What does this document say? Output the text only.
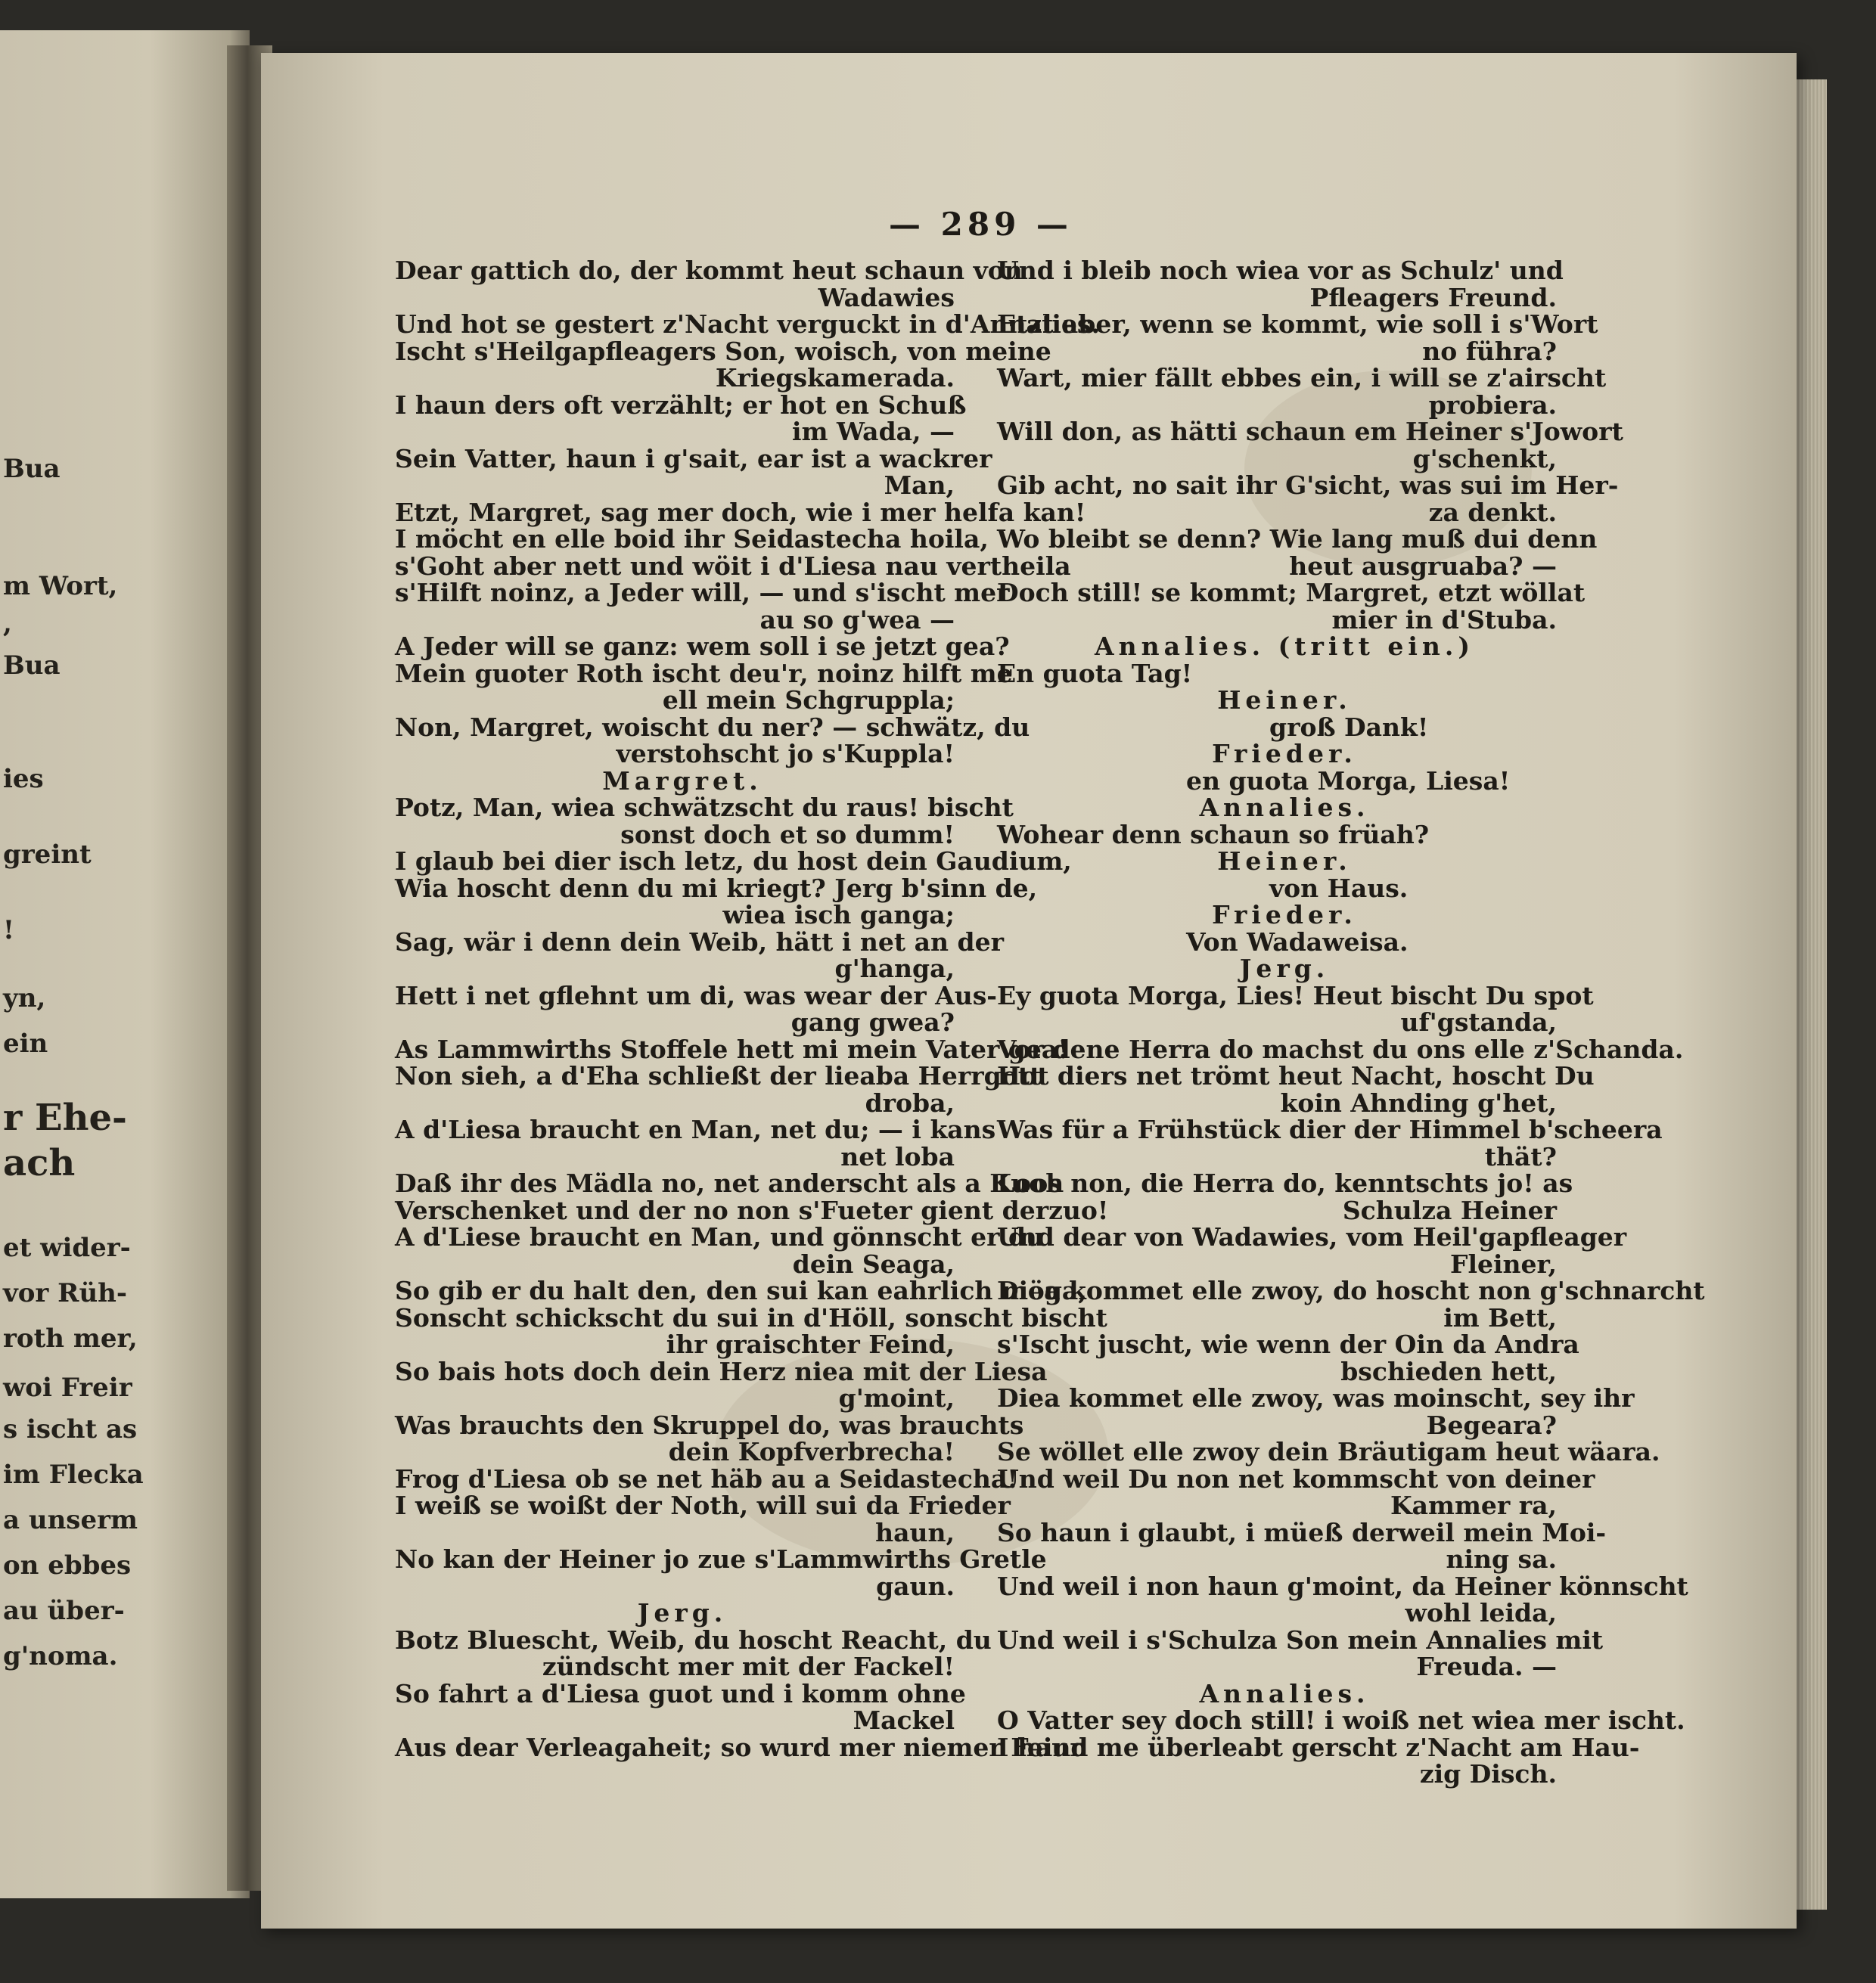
Bua
m Wort,
,
Bua
ies
greint
!
yn,
ein
r Ehe-
ach
et wider-
vor Rüh-
roth mer,
woi Freir
s ischt as
im Flecka
a unserm
on ebbes
au über-
g'noma.
— 289 —
Dear gattich do, der kommt heut schaun von
Wadawies
Und hot se gestert z'Nacht verguckt in d'Annalies.
Ischt s'Heilgapfleagers Son, woisch, von meine
Kriegskamerada.
I haun ders oft verzählt; er hot en Schuß
im Wada, —
Sein Vatter, haun i g'sait, ear ist a wackrer
Man,
Etzt, Margret, sag mer doch, wie i mer helfa kan!
I möcht en elle boid ihr Seidastecha hoila,
s'Goht aber nett und wöit i d'Liesa nau vertheila
s'Hilft noinz, a Jeder will, — und s'ischt mer
au so g'wea —
A Jeder will se ganz: wem soll i se jetzt gea?
Mein guoter Roth ischt deu'r, noinz hilft me
ell mein Schgruppla;
Non, Margret, woischt du ner? — schwätz, du
verstohscht jo s'Kuppla!
Margret.
Potz, Man, wiea schwätzscht du raus! bischt
sonst doch et so dumm!
I glaub bei dier isch letz, du host dein Gaudium,
Wia hoscht denn du mi kriegt? Jerg b'sinn de,
wiea isch ganga;
Sag, wär i denn dein Weib, hätt i net an der
g'hanga,
Hett i net gflehnt um di, was wear der Aus-
gang gwea?
As Lammwirths Stoffele hett mi mein Vater gea!
Non sieh, a d'Eha schließt der lieaba Herrgott
droba,
A d'Liesa braucht en Man, net du; — i kans
net loba
Daß ihr des Mädla no, net anderscht als a Kuoh
Verschenket und der no non s'Fueter gient derzuo!
A d'Liese braucht en Man, und gönnscht er du
dein Seaga,
So gib er du halt den, den sui kan eahrlich möga,
Sonscht schickscht du sui in d'Höll, sonscht bischt
ihr graischter Feind,
So bais hots doch dein Herz niea mit der Liesa
g'moint,
Was brauchts den Skruppel do, was brauchts
dein Kopfverbrecha!
Frog d'Liesa ob se net häb au a Seidastecha!
I weiß se woißt der Noth, will sui da Frieder
haun,
No kan der Heiner jo zue s'Lammwirths Gretle
gaun.
Jerg.
Botz Bluescht, Weib, du hoscht Reacht, du
zündscht mer mit der Fackel!
So fahrt a d'Liesa guot und i komm ohne
Mackel
Aus dear Verleagaheit; so wurd mer niemer Feind
Und i bleib noch wiea vor as Schulz' und
Pfleagers Freund.
Etzt aber, wenn se kommt, wie soll i s'Wort
no führa?
Wart, mier fällt ebbes ein, i will se z'airscht
probiera.
Will don, as hätti schaun em Heiner s'Jowort
g'schenkt,
Gib acht, no sait ihr G'sicht, was sui im Her-
za denkt.
Wo bleibt se denn? Wie lang muß dui denn
heut ausgruaba? —
Doch still! se kommt; Margret, etzt wöllat
mier in d'Stuba.
Annalies. (tritt ein.)
En guota Tag!
Heiner.
groß Dank!
Frieder.
en guota Morga, Liesa!
Annalies.
Wohear denn schaun so früah?
Heiner.
von Haus.
Frieder.
Von Wadaweisa.
Jerg.
Ey guota Morga, Lies! Heut bischt Du spot
uf'gstanda,
Vor dene Herra do machst du ons elle z'Schanda.
Hot diers net trömt heut Nacht, hoscht Du
koin Ahnding g'het,
Was für a Frühstück dier der Himmel b'scheera
thät?
Loos non, die Herra do, kenntschts jo! as
Schulza Heiner
Und dear von Wadawies, vom Heil'gapfleager
Fleiner,
Diea kommet elle zwoy, do hoscht non g'schnarcht
im Bett,
s'Ischt juscht, wie wenn der Oin da Andra
bschieden hett,
Diea kommet elle zwoy, was moinscht, sey ihr
Begeara?
Se wöllet elle zwoy dein Bräutigam heut wäara.
Und weil Du non net kommscht von deiner
Kammer ra,
So haun i glaubt, i müeß derweil mein Moi-
ning sa.
Und weil i non haun g'moint, da Heiner könnscht
wohl leida,
Und weil i s'Schulza Son mein Annalies mit
Freuda. —
Annalies.
O Vatter sey doch still! i woiß net wiea mer ischt.
I haun me überleabt gerscht z'Nacht am Hau-
zig Disch.
